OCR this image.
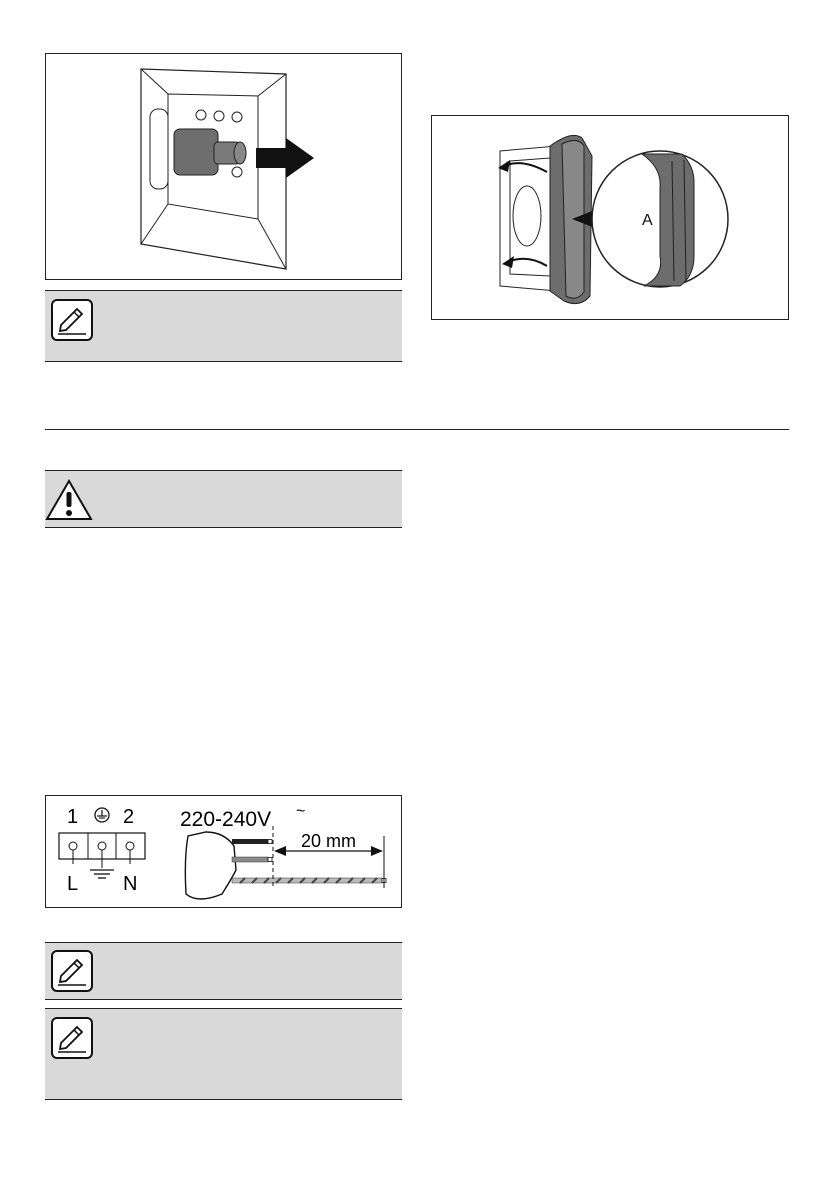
A
1 2
L N
220-240V ~
20 mm
